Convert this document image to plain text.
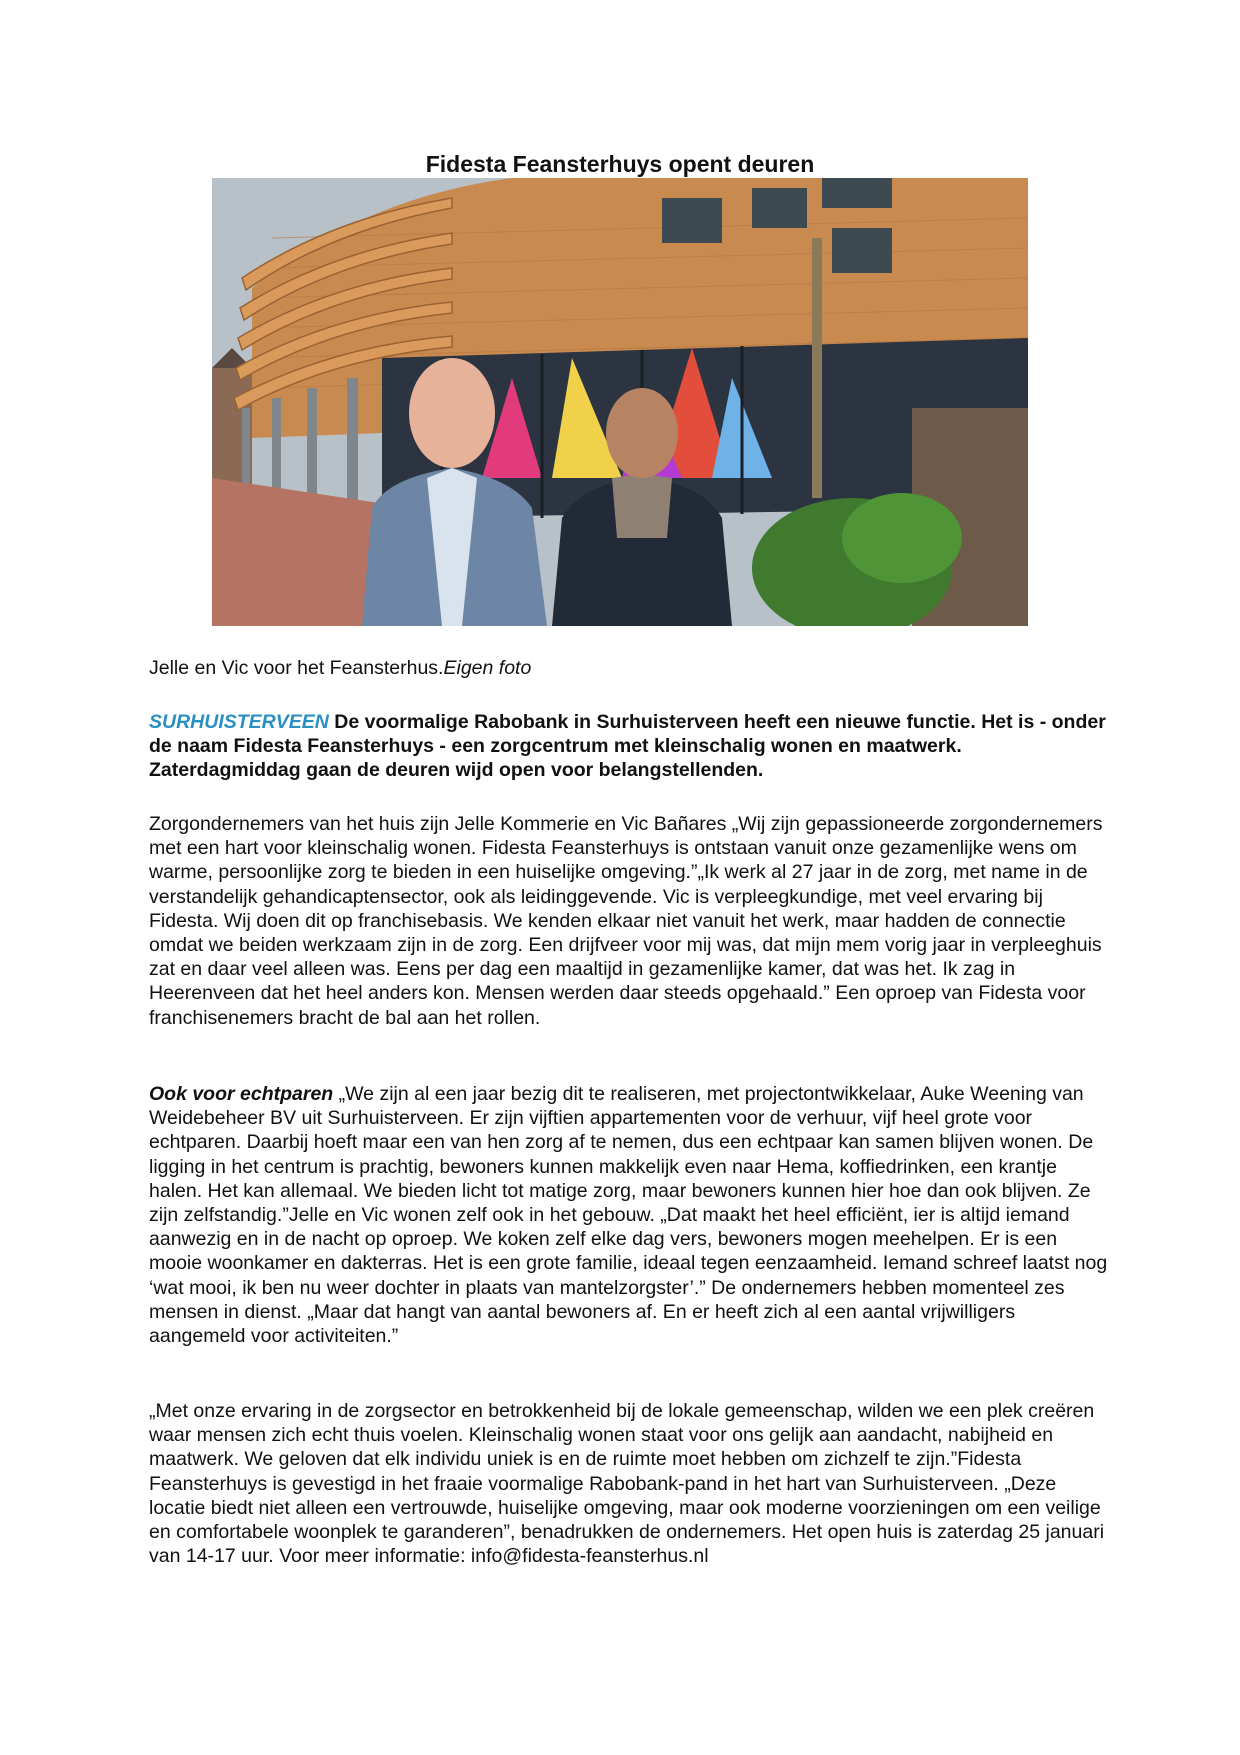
Fidesta Feansterhuys opent deuren

Jelle en Vic voor het Feansterhus.Eigen foto

SURHUISTERVEEN De voormalige Rabobank in Surhuisterveen heeft een nieuwe functie. Het is - onder de naam Fidesta Feansterhuys - een zorgcentrum met kleinschalig wonen en maatwerk. Zaterdagmiddag gaan de deuren wijd open voor belangstellenden.

Zorgondernemers van het huis zijn Jelle Kommerie en Vic Bañares „Wij zijn gepassioneerde zorgondernemers met een hart voor kleinschalig wonen. Fidesta Feansterhuys is ontstaan vanuit onze gezamenlijke wens om warme, persoonlijke zorg te bieden in een huiselijke omgeving.”„Ik werk al 27 jaar in de zorg, met name in de verstandelijk gehandicaptensector, ook als leidinggevende. Vic is verpleegkundige, met veel ervaring bij Fidesta. Wij doen dit op franchisebasis. We kenden elkaar niet vanuit het werk, maar hadden de connectie omdat we beiden werkzaam zijn in de zorg. Een drijfveer voor mij was, dat mijn mem vorig jaar in verpleeghuis zat en daar veel alleen was. Eens per dag een maaltijd in gezamenlijke kamer, dat was het. Ik zag in Heerenveen dat het heel anders kon. Mensen werden daar steeds opgehaald.” Een oproep van Fidesta voor franchisenemers bracht de bal aan het rollen.

Ook voor echtparen „We zijn al een jaar bezig dit te realiseren, met projectontwikkelaar, Auke Weening van Weidebeheer BV uit Surhuisterveen. Er zijn vijftien appartementen voor de verhuur, vijf heel grote voor echtparen. Daarbij hoeft maar een van hen zorg af te nemen, dus een echtpaar kan samen blijven wonen. De ligging in het centrum is prachtig, bewoners kunnen makkelijk even naar Hema, koffiedrinken, een krantje halen. Het kan allemaal. We bieden licht tot matige zorg, maar bewoners kunnen hier hoe dan ook blijven. Ze zijn zelfstandig.”Jelle en Vic wonen zelf ook in het gebouw. „Dat maakt het heel efficiënt, ier is altijd iemand aanwezig en in de nacht op oproep. We koken zelf elke dag vers, bewoners mogen meehelpen. Er is een mooie woonkamer en dakterras. Het is een grote familie, ideaal tegen eenzaamheid. Iemand schreef laatst nog ‘wat mooi, ik ben nu weer dochter in plaats van mantelzorgster’.” De ondernemers hebben momenteel zes mensen in dienst. „Maar dat hangt van aantal bewoners af. En er heeft zich al een aantal vrijwilligers aangemeld voor activiteiten.”

„Met onze ervaring in de zorgsector en betrokkenheid bij de lokale gemeenschap, wilden we een plek creëren waar mensen zich echt thuis voelen. Kleinschalig wonen staat voor ons gelijk aan aandacht, nabijheid en maatwerk. We geloven dat elk individu uniek is en de ruimte moet hebben om zichzelf te zijn.”Fidesta Feansterhuys is gevestigd in het fraaie voormalige Rabobank-pand in het hart van Surhuisterveen. „Deze locatie biedt niet alleen een vertrouwde, huiselijke omgeving, maar ook moderne voorzieningen om een veilige en comfortabele woonplek te garanderen”, benadrukken de ondernemers. Het open huis is zaterdag 25 januari van 14-17 uur. Voor meer informatie: info@fidesta-feansterhus.nl
